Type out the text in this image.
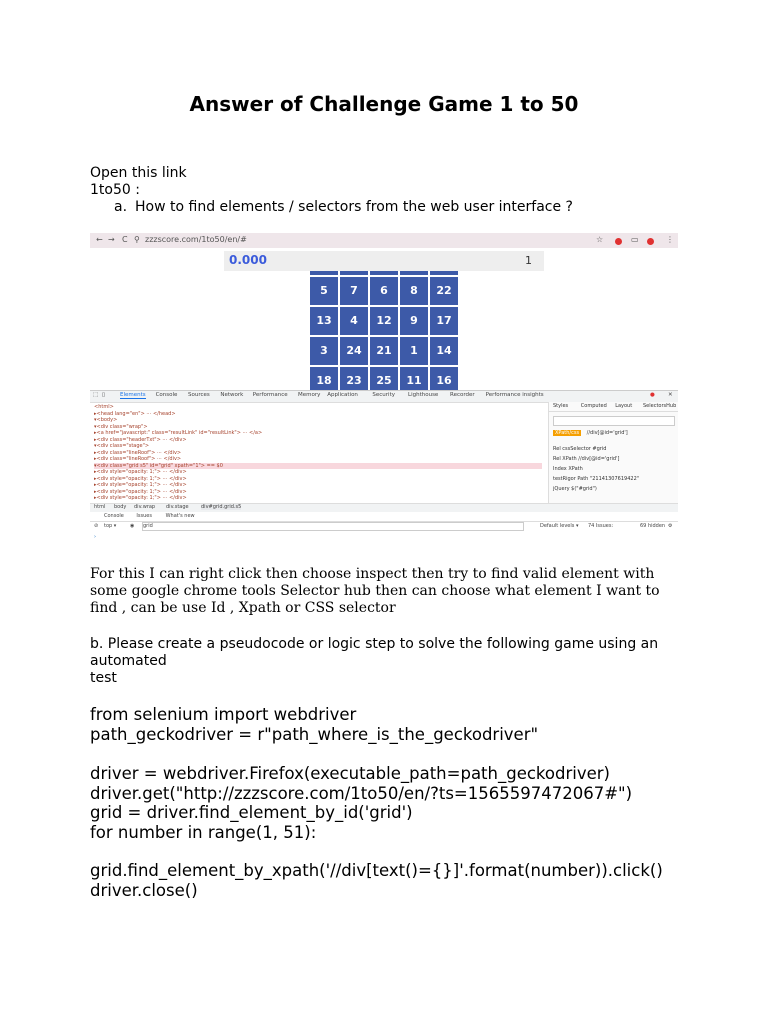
Answer of Challenge Game 1 to 50
Open this link
1to50 :
a. How to find elements / selectors from the web user interface ?
← → C ⚲ zzzscore.com/1to50/en/#	☆	▭	⋮
0.000	1
5	7	6	8	22
13	4	12	9	17
3	24	21	1	14
18	23	25	11	16
⬚ ▯	● ✕
Elements Console Sources Network Performance Memory Application	Security Lighthouse Recorder Performance insights
<html>
▸<head lang="en"> ⋯ </head>
▾<body>
▾<div class="wrap">
▸<a href="javascript:" class="resultLink" id="resultLink"> ⋯ </a>
▸<div class="headerTxt"> ⋯ </div>
▾<div class="stage">
▸<div class="lineRoof"> ⋯ </div>
▸<div class="lineRoof"> ⋯ </div>
▾<div class="grid s5" id="grid" xpath="1"> == $0
▸<div style="opacity: 1;"> ⋯ </div>
▸<div style="opacity: 1;"> ⋯ </div>
▸<div style="opacity: 1;"> ⋯ </div>
▸<div style="opacity: 1;"> ⋯ </div>
▸<div style="opacity: 1;"> ⋯ </div>
Styles	Computed Layout SelectorsHub
XPath/css //div[@id='grid']
Rel cssSelector #grid
Rel XPath //div[@id='grid']
Index XPath
testRigor Path "21141307619422"
jQuery $("#grid")
html body div.wrap div.stage div#grid.grid.s5
Console	Issues	What's new
⊘ top ▾	◉ grid	Default levels ▾ 74 Issues:	69 hidden ⚙
›
For this I can right click then choose inspect then try to find valid element with some google chrome tools Selector hub then can choose what element I want to find , can be use Id , Xpath or CSS selector
b. Please create a pseudocode or logic step to solve the following game using an
automated
test
from selenium import webdriver
path_geckodriver = r"path_where_is_the_geckodriver"
driver = webdriver.Firefox(executable_path=path_geckodriver)
driver.get("http://zzzscore.com/1to50/en/?ts=1565597472067#")
grid = driver.find_element_by_id('grid')
for number in range(1, 51):
grid.find_element_by_xpath('//div[text()={}]'.format(number)).click()
driver.close()
